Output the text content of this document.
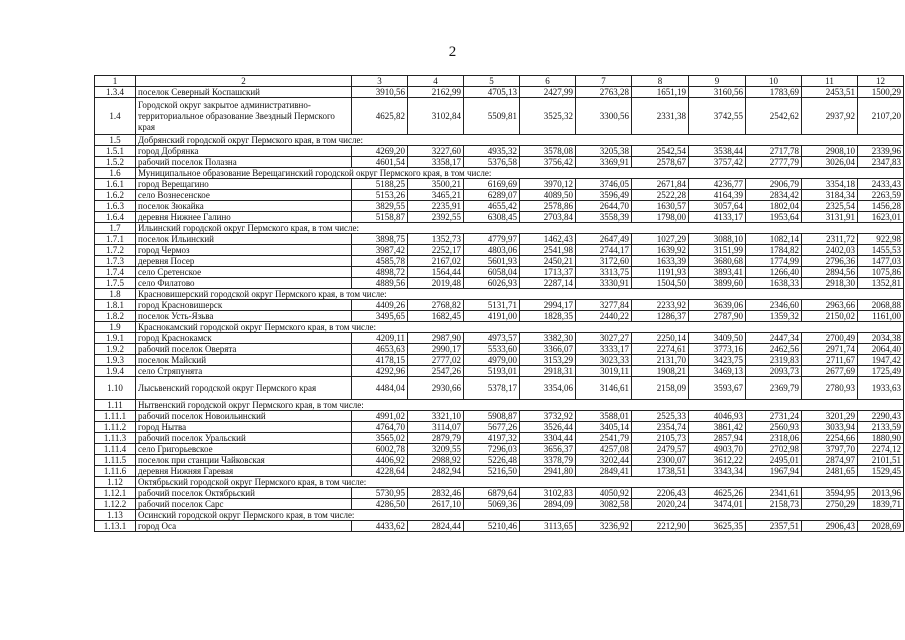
2
1	2	3	4	5	6	7	8	9	10	11	12
1.3.4	поселок Северный Коспашский	3910,56	2162,99	4705,13	2427,99	2763,28	1651,19	3160,56	1783,69	2453,51	1500,29
1.4	Городской округ закрытое административно-территориальное образование Звездный Пермского края	4625,82	3102,84	5509,81	3525,32	3300,56	2331,38	3742,55	2542,62	2937,92	2107,20
1.5	Добрянский городской округ Пермского края, в том числе:										
1.5.1	город Добрянка	4269,20	3227,60	4935,32	3578,08	3205,38	2542,54	3538,44	2717,78	2908,10	2339,96
1.5.2	рабочий поселок Полазна	4601,54	3358,17	5376,58	3756,42	3369,91	2578,67	3757,42	2777,79	3026,04	2347,83
1.6	Муниципальное образование Верещагинский городской округ Пермского края, в том числе:										
1.6.1	город Верещагино	5188,25	3500,21	6169,69	3970,12	3746,05	2671,84	4236,77	2906,79	3354,18	2433,43
1.6.2	село Вознесенское	5153,26	3465,21	6289,07	4089,50	3596,49	2522,28	4164,39	2834,42	3184,34	2263,59
1.6.3	поселок Зюкайка	3829,55	2235,91	4655,42	2578,86	2644,70	1630,57	3057,64	1802,04	2325,54	1456,28
1.6.4	деревня Нижнее Галино	5158,87	2392,55	6308,45	2703,84	3558,39	1798,00	4133,17	1953,64	3131,91	1623,01
1.7	Ильинский городской округ Пермского края, в том числе:										
1.7.1	поселок Ильинский	3898,75	1352,73	4779,97	1462,43	2647,49	1027,29	3088,10	1082,14	2311,72	922,98
1.7.2	город Чермоз	3987,42	2252,17	4803,06	2541,98	2744,17	1639,92	3151,99	1784,82	2402,03	1455,53
1.7.3	деревня Посер	4585,78	2167,02	5601,93	2450,21	3172,60	1633,39	3680,68	1774,99	2796,36	1477,03
1.7.4	село Сретенское	4898,72	1564,44	6058,04	1713,37	3313,75	1191,93	3893,41	1266,40	2894,56	1075,86
1.7.5	село Филатово	4889,56	2019,48	6026,93	2287,14	3330,91	1504,50	3899,60	1638,33	2918,30	1352,81
1.8	Красновишерский городской округ Пермского края, в том числе:										
1.8.1	город Красновишерск	4409,26	2768,82	5131,71	2994,17	3277,84	2233,92	3639,06	2346,60	2963,66	2068,88
1.8.2	поселок Усть-Язьва	3495,65	1682,45	4191,00	1828,35	2440,22	1286,37	2787,90	1359,32	2150,02	1161,00
1.9	Краснокамский городской округ Пермского края, в том числе:										
1.9.1	город Краснокамск	4209,11	2987,90	4973,57	3382,30	3027,27	2250,14	3409,50	2447,34	2700,49	2034,38
1.9.2	рабочий поселок Оверята	4653,63	2990,17	5533,60	3366,07	3333,17	2274,61	3773,16	2462,56	2971,74	2064,40
1.9.3	поселок Майский	4178,15	2777,02	4979,00	3153,29	3023,33	2131,70	3423,75	2319,83	2711,67	1947,42
1.9.4	село Стряпунята	4292,96	2547,26	5193,01	2918,31	3019,11	1908,21	3469,13	2093,73	2677,69	1725,49
1.10	Лысьвенский городской округ Пермского края	4484,04	2930,66	5378,17	3354,06	3146,61	2158,09	3593,67	2369,79	2780,93	1933,63
1.11	Нытвенский городской округ Пермского края, в том числе:										
1.11.1	рабочий поселок Новоильинский	4991,02	3321,10	5908,87	3732,92	3588,01	2525,33	4046,93	2731,24	3201,29	2290,43
1.11.2	город Нытва	4764,70	3114,07	5677,26	3526,44	3405,14	2354,74	3861,42	2560,93	3033,94	2133,59
1.11.3	рабочий поселок Уральский	3565,02	2879,79	4197,32	3304,44	2541,79	2105,73	2857,94	2318,06	2254,66	1880,90
1.11.4	село Григорьевское	6002,78	3209,55	7296,03	3656,37	4257,08	2479,57	4903,70	2702,98	3797,70	2274,12
1.11.5	поселок при станции Чайковская	4406,92	2988,92	5226,48	3378,79	3202,44	2300,07	3612,22	2495,01	2874,97	2101,51
1.11.6	деревня Нижняя Гаревая	4228,64	2482,94	5216,50	2941,80	2849,41	1738,51	3343,34	1967,94	2481,65	1529,45
1.12	Октябрьский городской округ Пермского края, в том числе:										
1.12.1	рабочий поселок Октябрьский	5730,95	2832,46	6879,64	3102,83	4050,92	2206,43	4625,26	2341,61	3594,95	2013,96
1.12.2	рабочий поселок Сарс	4286,50	2617,10	5069,36	2894,09	3082,58	2020,24	3474,01	2158,73	2750,29	1839,71
1.13	Осинский городской округ Пермского края, в том числе:										
1.13.1	город Оса	4433,62	2824,44	5210,46	3113,65	3236,92	2212,90	3625,35	2357,51	2906,43	2028,69
